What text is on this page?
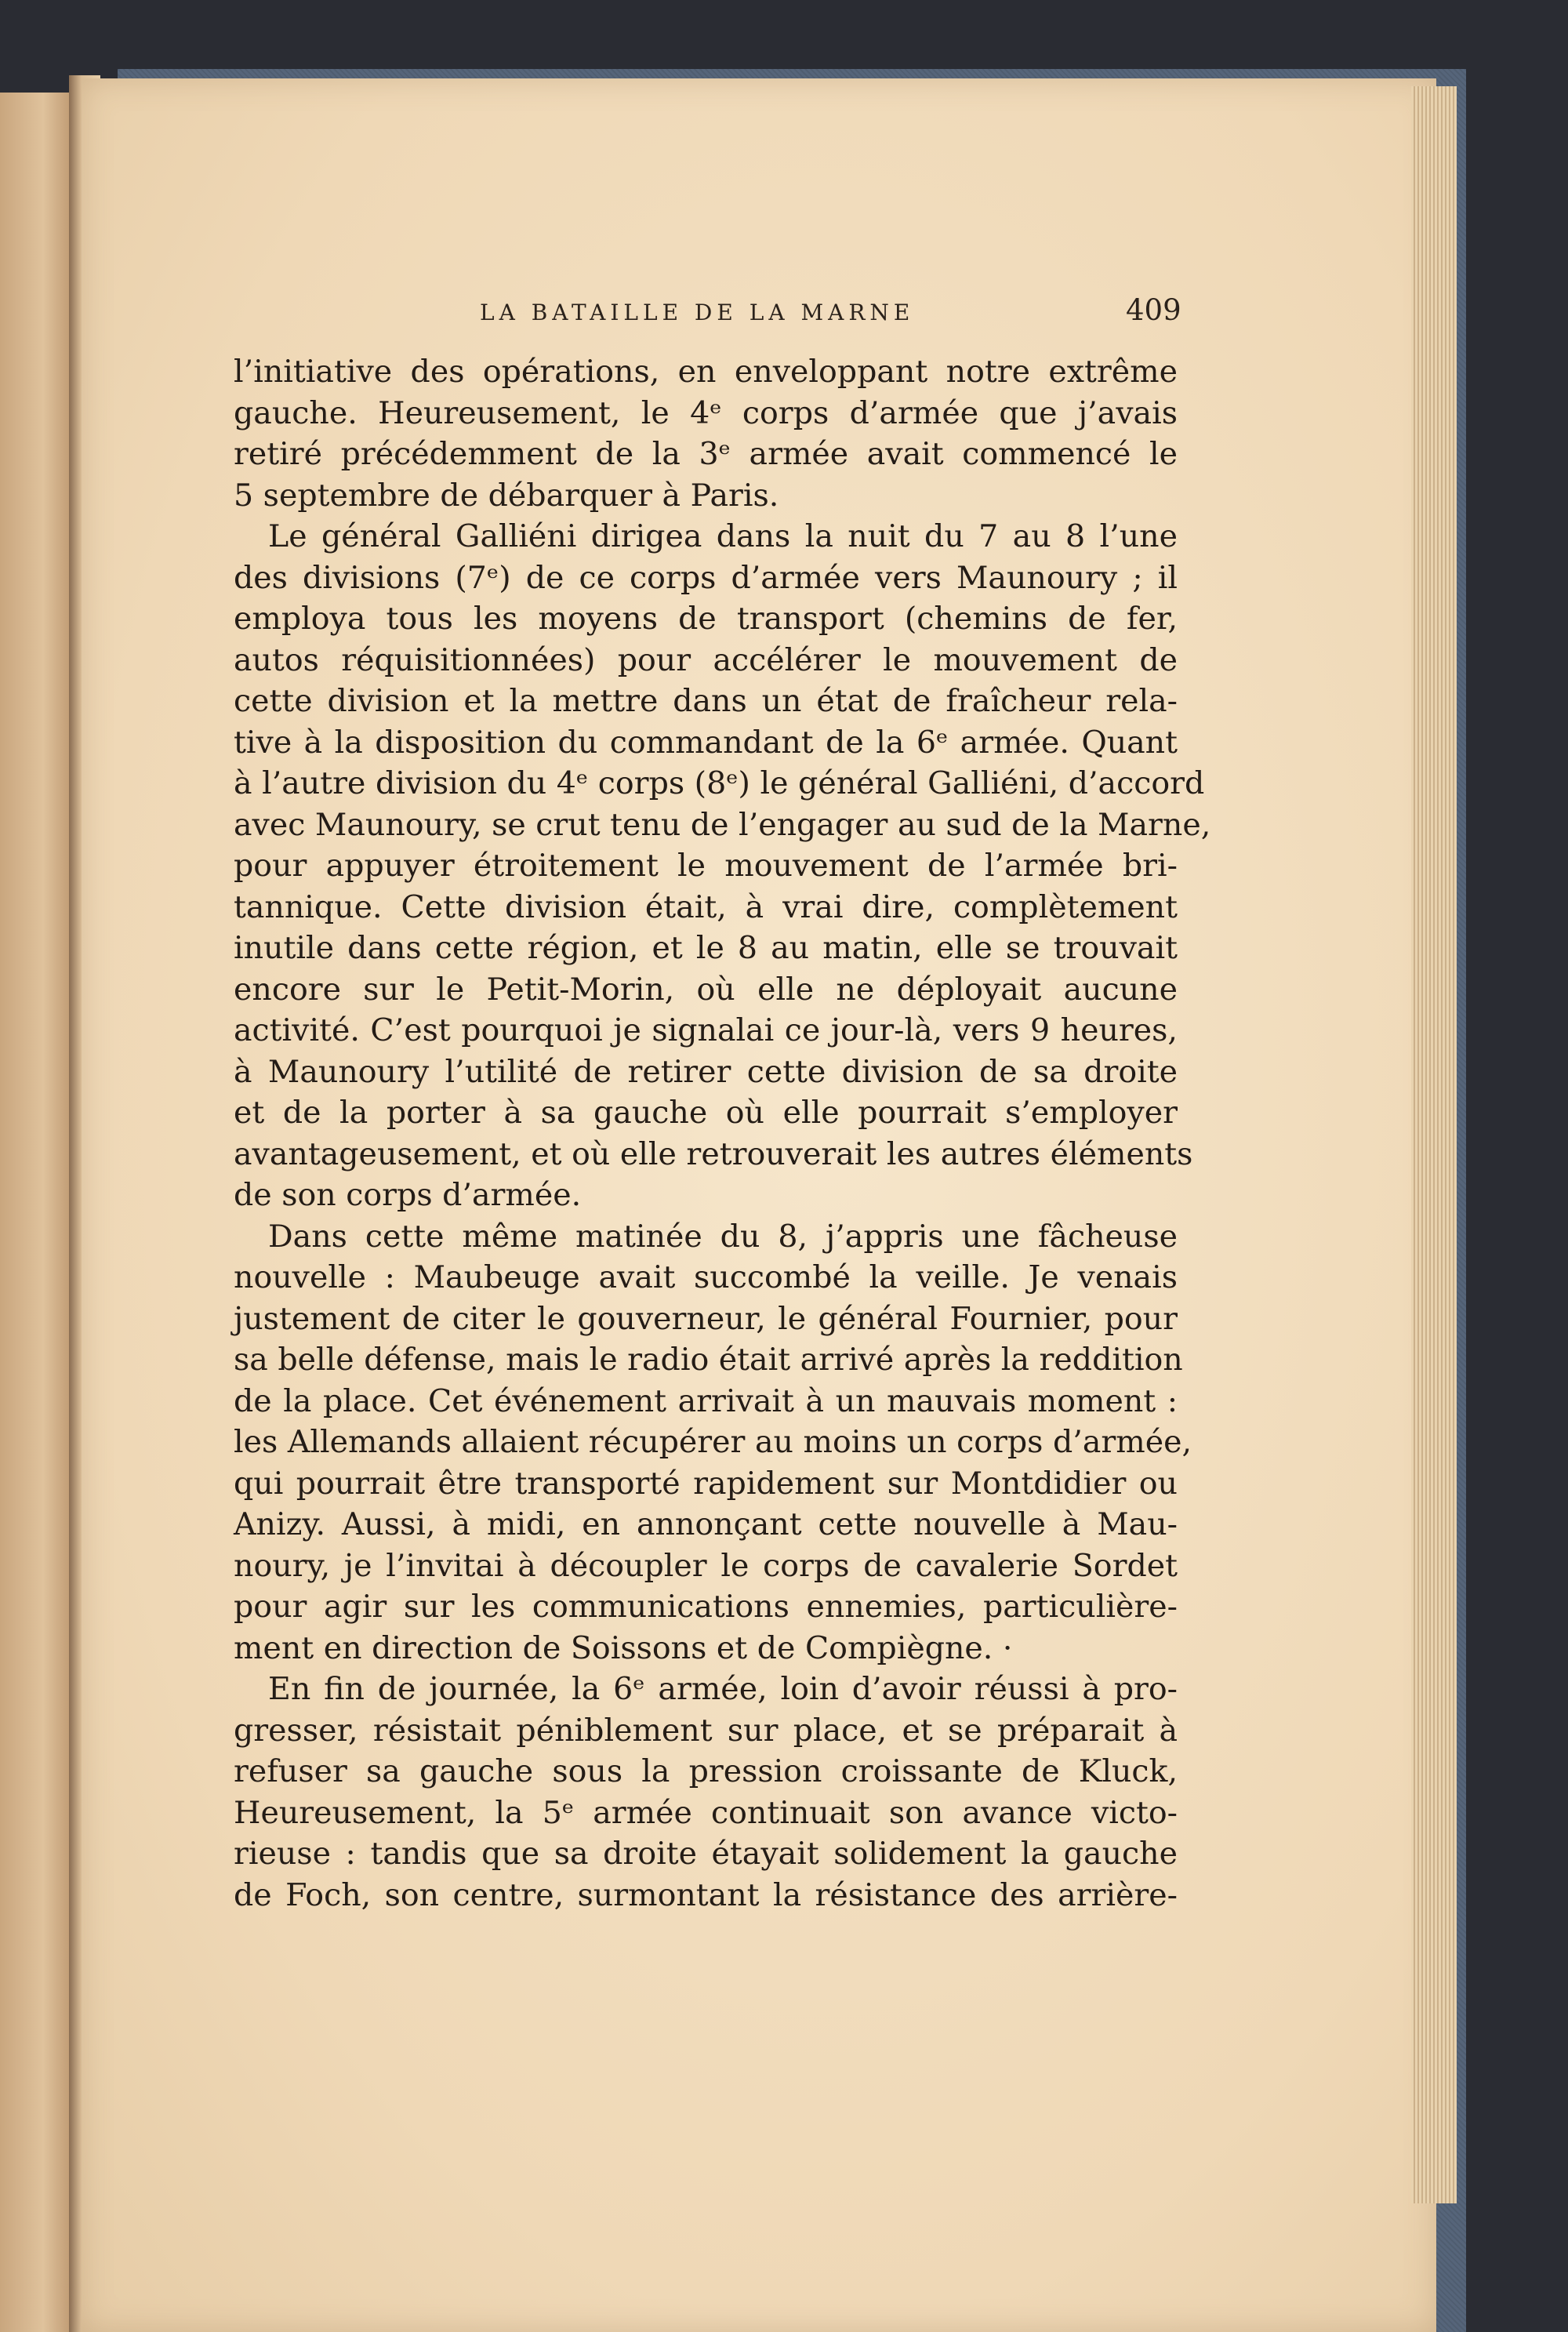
LA BATAILLE DE LA MARNE	409
l’initiative des opérations, en enveloppant notre extrême
gauche. Heureusement, le 4ᵉ corps d’armée que j’avais
retiré précédemment de la 3ᵉ armée avait commencé le
5 septembre de débarquer à Paris.
Le général Galliéni dirigea dans la nuit du 7 au 8 l’une
des divisions (7ᵉ) de ce corps d’armée vers Maunoury ; il
employa tous les moyens de transport (chemins de fer,
autos réquisitionnées) pour accélérer le mouvement de
cette division et la mettre dans un état de fraîcheur rela-
tive à la disposition du commandant de la 6ᵉ armée. Quant
à l’autre division du 4ᵉ corps (8ᵉ) le général Galliéni, d’accord
avec Maunoury, se crut tenu de l’engager au sud de la Marne,
pour appuyer étroitement le mouvement de l’armée bri-
tannique. Cette division était, à vrai dire, complètement
inutile dans cette région, et le 8 au matin, elle se trouvait
encore sur le Petit-Morin, où elle ne déployait aucune
activité. C’est pourquoi je signalai ce jour-là, vers 9 heures,
à Maunoury l’utilité de retirer cette division de sa droite
et de la porter à sa gauche où elle pourrait s’employer
avantageusement, et où elle retrouverait les autres éléments
de son corps d’armée.
Dans cette même matinée du 8, j’appris une fâcheuse
nouvelle : Maubeuge avait succombé la veille. Je venais
justement de citer le gouverneur, le général Fournier, pour
sa belle défense, mais le radio était arrivé après la reddition
de la place. Cet événement arrivait à un mauvais moment :
les Allemands allaient récupérer au moins un corps d’armée,
qui pourrait être transporté rapidement sur Montdidier ou
Anizy. Aussi, à midi, en annonçant cette nouvelle à Mau-
noury, je l’invitai à découpler le corps de cavalerie Sordet
pour agir sur les communications ennemies, particulière-
ment en direction de Soissons et de Compiègne. ·
En fin de journée, la 6ᵉ armée, loin d’avoir réussi à pro-
gresser, résistait péniblement sur place, et se préparait à
refuser sa gauche sous la pression croissante de Kluck,
Heureusement, la 5ᵉ armée continuait son avance victo-
rieuse : tandis que sa droite étayait solidement la gauche
de Foch, son centre, surmontant la résistance des arrière-
